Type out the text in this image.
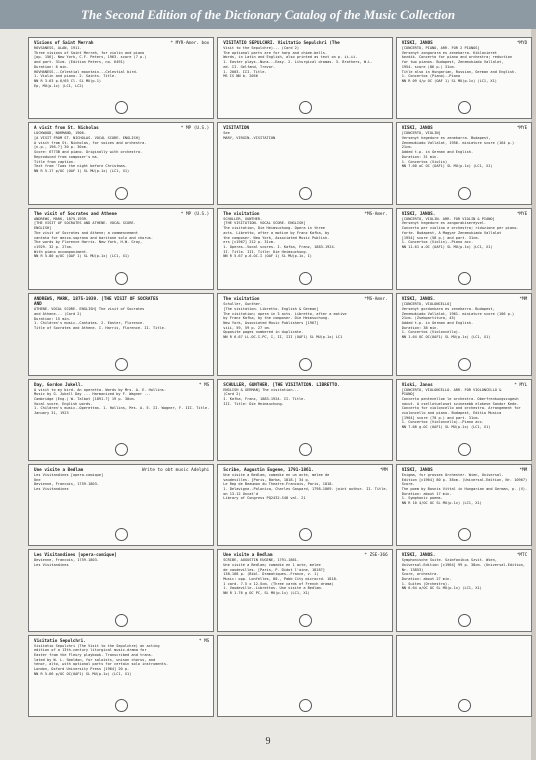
The Second Edition of the Dictionary Catalog of the Music Collection
Visions of Saint Merrah	* MYR-Amer. box
ROVSANESS, ALAN, 1911-
Three visions of Saint Merrah, for violin and piano
[op. 156]. New York, C.F. Peters, 1963. score (7 p.)
and part. 31cm. (Edition Peters, no. 6491)
Duration: 6 min.
HOVHANESS.--Celestial mountain.--Celestial bird.
1. Violin and piano. 2. Saints. Title.
NN R 3.63 p.6/65 Cl. SL MU(p.1)
Ep, MU(p.1x) (LC1, LC2)
VISITATIO SEPULCHRI. Visitatio Sepulchri (The
Visit to the Sepulchre)... (Card 2)
The optional parts are for harp and chime-bells.
Words, in Latin and English, also printed as text on p. ii-ii.
1. Easter plays--Nuns.--Easy. 2. Liturgical dramas. 3. Brothers, W.L.
ed. II. Gelfand, Trevor.
1. 2003. III. Title.
MS IS NN b. 2056
VISKI, JANOS	*MYD
[CONCERTO, PIANO, ARR. FOR 2 PIANOS]
Versenyt zongorara es zenekarra. Kiklavieret
kezdik. Concerto for piano and orchestra; reduction
for two pianos. Budapest, Zenemukiado Vallalat,
1954. score (86 p.) 31cm.
Title also in Hungarian, Russian, German and English.
1. Concertos (Piano)--Piano
NN R 09 4/p OC (OAF 1) SL MU(p.1x) (LC1, X1)
A visit from St. Nicholas	* MP (U.S.)
LOCKWOOD, NORMAND, 1906-
[A VISIT FROM ST. NICHOLAS. VOCAL SCORE. ENGLISH]
A visit from St. Nicholas, for voices and orchestra.
[n.p., 196-?] 30 p. 30cm.
Score: 6773B and piano. Originally with orchestra.
Reproduced from composer's ms.
Title from caption.
Text from 'Twas the night before Christmas.
NN R 5.17 p/OC (OAF 1) SL MU(p.1x) (LC1, X1)
VISITATION
See
MARY, VIRGIN--VISITATION
VISKI, JANOS	*MYE
[CONCERTO, VIOLIN]
Versenyt hegedure es zenekarra. Budapest,
Zenemukiado Vallalat, 1956. miniature score (164 p.)
21cm.
Added t.p. in German and English.
Duration: 31 min.
1. Concertos (Violin)
NN 7.60 oC OC (OAF1) SL MU(p.1x) (LC1, X1)
The visit of Socrates and Athene	* MP (U.S.)
ANDREWS, MARK, 1875-1939.
[THE VISIT OF SOCRATES AND ATHENE. VOCAL SCORE.
ENGLISH]
The visit of Socrates and Athene; a commencement
cantata for mezzo-soprano and baritone solo and chorus.
The words by Florence Harris. New York, H.W. Gray,
c1929. 32 p. 27cm.
With piano accompaniment.
NN R 5.80 p/OC (OAF 1) SL MU(p.1x) (LC1, X1)
The visitation	*MS-Amer.
SCHULLER, GUNTHER.
[THE VISITATION. VOCAL SCORE. ENGLISH]
The visitation, Die Heimsuchung. Opera in three
acts. Libretto, after a motive by Franz Kafka, by
the composer. New York, Associated Music Publish-
ers [c1967] 212 p. 31cm.
1. Operas--Vocal scores. I. Kafka, Franz, 1883-1924.
II. Title. III. Title: Die Heimsuchung.
NN R 5.67 p.6.OC.I (OAF 1) SL MU(p.1x, I)
VISKI, JANOS.	*MYE
[CONCERTO, VIOLIN. ARR. FOR VIOLIN & PIANO]
Versenyt hegedure es zongorakisereyvel.
Concerto per violino e orchestra; riduzione per piano-
forte. Budapest, A Magyar Zenemukiado Vallalat
[1954] score (58 p.) and part. 31cm.
1. Concertos (Violin)--Piano acc.
NN 11.61 a.OC (OAF1) SL MU(p.1x) (LC1, X1)
ANDREWS, MARK, 1875-1939. [THE VISIT OF SOCRATES AND
ATHENE. VOCAL SCORE. ENGLISH] The visit of Socrates
and Athene... (Card 2)
Duration: 15 min.
1. Children's music--Cantatas. 2. Easter, Florence.
Title of Socrates and Athene. I. Harris, Florence. II. Title.
The visitation	*MS-Amer.
Schuller, Gunther.
[The visitation. Libretto. English & German]
The visitation; opera in 3 acts. Libretto, after a motive
by Franz Kafka, by the composer. Die Heimsuchung.
New York, Associated Music Publishers [1967]
viii, 59, 59 p. 27 cm.
Opposite pages numbered in duplicate.
NN R 6.67 LL.OC.I.PC, I, II, III (OAF1) SL MU(p.1x) LC1
VISKI, JANOS.	*MM
[CONCERTO, VIOLONCELLO]
Versenyt gordonkara es zenekarra. Budapest,
Zenemukiado Vallalat, 1961. miniature score (166 p.)
21cm. (Zsebpartitura, 45)
Added t.p. in German and English.
Duration: 38 min.
1. Concertos (Violoncello).
NN 1.64 OC OC(OAF1) SL MU(p.1x) (LC1, X1)
Day, Gordon Jukell.	* MS
A visit to my bird. An operetta. Words by Mrs. A. E. Hollins.
Music by G. Jukell Day ... Harmonized by F. Wagner ...
Cambridge (Eng.) W. Talbot [1891-?] 19 p. 30cm.
Vocal score. English words.
1. Children's music--Operettas. 1. Hollins, Mrs. A. E. II. Wagner, F. III. Title.
January 31, 1923
SCHULLER, GUNTHER. [THE VISITATION. LIBRETTO.
ENGLISH & GERMAN] The visitation...
(Card 2)
I. Kafka, Franz, 1883-1924. II. Title.
III. Title: Die Heimsuchung.
Viski, Janos	* MYL
[CONCERTO, VIOLONCELLO. ARR. FOR VIOLONCELLO &
PIANO]
Concerto pentecelloe le orchestra. Oberfrenkungszugeuh
nacut. A csellotuelosot szinesebb elokeve Sandor Kede.
Concerto for violoncello and orchestra. Arrangement for
violoncello and piano. Budapest, Editio Musica
[1964] score (70 p.) and part. 31cm.
1. Concertos (Violoncello)--Piano acc.
NN 7.68 g.OC (OAF1) SL MU(p.1x) (LC1, X1)
Une visite a Bedlam	Write to obt music Adelphi
Les Visitandines [opera-comique]
Une
Devienne, Francois, 1759-1803.
Les Visitandines
Scribe, Augustin Eugene, 1791-1861.	*MM
Une visite a Bedlam, comedie en un acte, melee de
vaudevilles. [Paris, Barba, 1818.] 34 p.
Le Rep de Beaumon du Theatre-Francais, Paris, 1818.
1. Delavigne--Polonica, Charles Gaspard, 1798-1869. joint author. II. Title.
on 13-12 Uncat'd
Library of Congress PQ2432.S48 val. 21
VISKI, JANOS	*MM
Enigma, fur grosses Orchester. Wien, Universal-
Edition [c1964] 80 p. 38cm. (Universal-Edition, Nr. 10967)
Score.
The poem by Bosnis Vittal in Hungarian and German, p. (V).
Duration: about 17 min.
1. Symphonic poems.
NN R 10 4/OC OC SL MU(p.1x) (LC1, X1)
Les Visitandines [opera-comique]
Devienne, Francois, 1759-1803.
Les Visitandines
Une visite a Bedlam	* ZSE-366
SCRIBE, AUGUSTIN EUGENE, 1791-1861.
Une visite a Bedlam; comedie en 1 acte, melee
de vaudevilles. [Paris, P. Didot l'aine, 1818?]
138-168 p. (Bibl. Dramatiques--France, v. 1)
Music: opp. Lonfelles, 80., Pabb City microcrd. 1818.
1 card. 7.5 x 12.5cm. (Three cards of French drama)
1. Vaudeville--Librettos. Une visite a Bedlam.
NN R 1.76 g OC PC, SL MU(p.1x) (LC1, X1)
VISKI, JANOS.	*MTC
Symphonische Suite. Szimfonikus Szvit. Wien,
Universal-Edition [c1964] 99 p. 38cm. (Universal-Edition,
Nr. 13853)
Score, orchestra.
Duration: about 27 min.
1. Suites (Orchestra).
NN 6.64 a/OC OC SL MU(p.1x) (LC1, X1)
Visitatio Sepulchri.	* MS
Visitatio Sepulchri (The Visit to the Sepulchre) an acting
edition of a 13th-century liturgical music-drama for
Easter from the Fleury playbook. Transcribed and trans-
lated by W. L. Smoldon, for soloists, unison chorus, and
tenor, alto, with optional parts for certain solo instruments.
London, Oxford University Press [1964] 20 p.
NN R 5.66 p/OC OC(OAF1) SL MU(p.1x) (LC1, X1)
9
